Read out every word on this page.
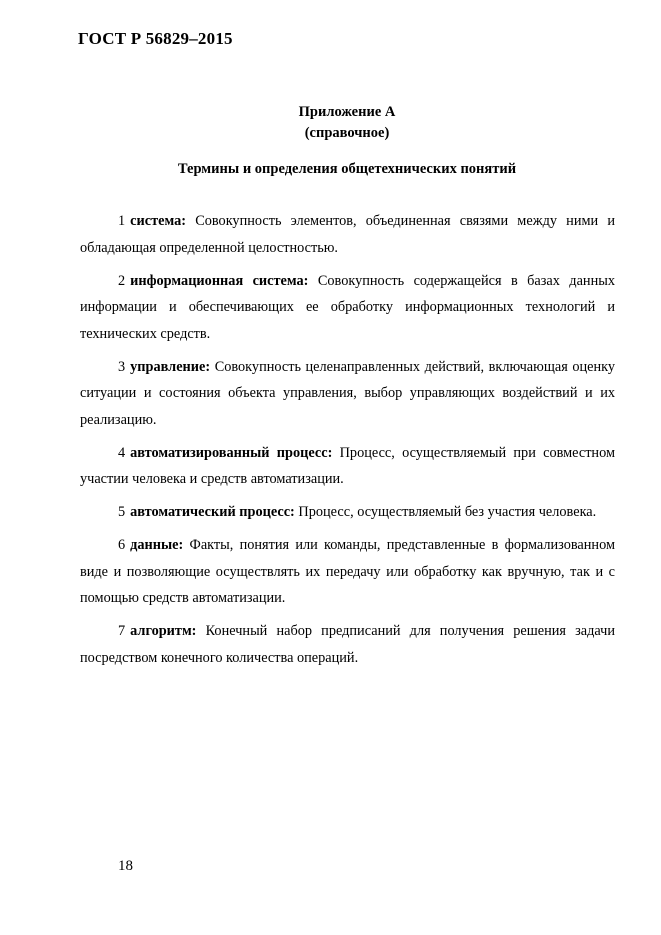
ГОСТ Р 56829–2015
Приложение А
(справочное)
Термины и определения общетехнических понятий

1 система: Совокупность элементов, объединенная связями между ними и обладающая определенной целостностью.

2 информационная система: Совокупность содержащейся в базах данных информации и обеспечивающих ее обработку информационных технологий и технических средств.

3 управление: Совокупность целенаправленных действий, включающая оценку ситуации и состояния объекта управления, выбор управляющих воздействий и их реализацию.

4 автоматизированный процесс: Процесс, осуществляемый при совместном участии человека и средств автоматизации.

5 автоматический процесс: Процесс, осуществляемый без участия человека.

6 данные: Факты, понятия или команды, представленные в формализованном виде и позволяющие осуществлять их передачу или обработку как вручную, так и с помощью средств автоматизации.

7 алгоритм: Конечный набор предписаний для получения решения задачи посредством конечного количества операций.

18
